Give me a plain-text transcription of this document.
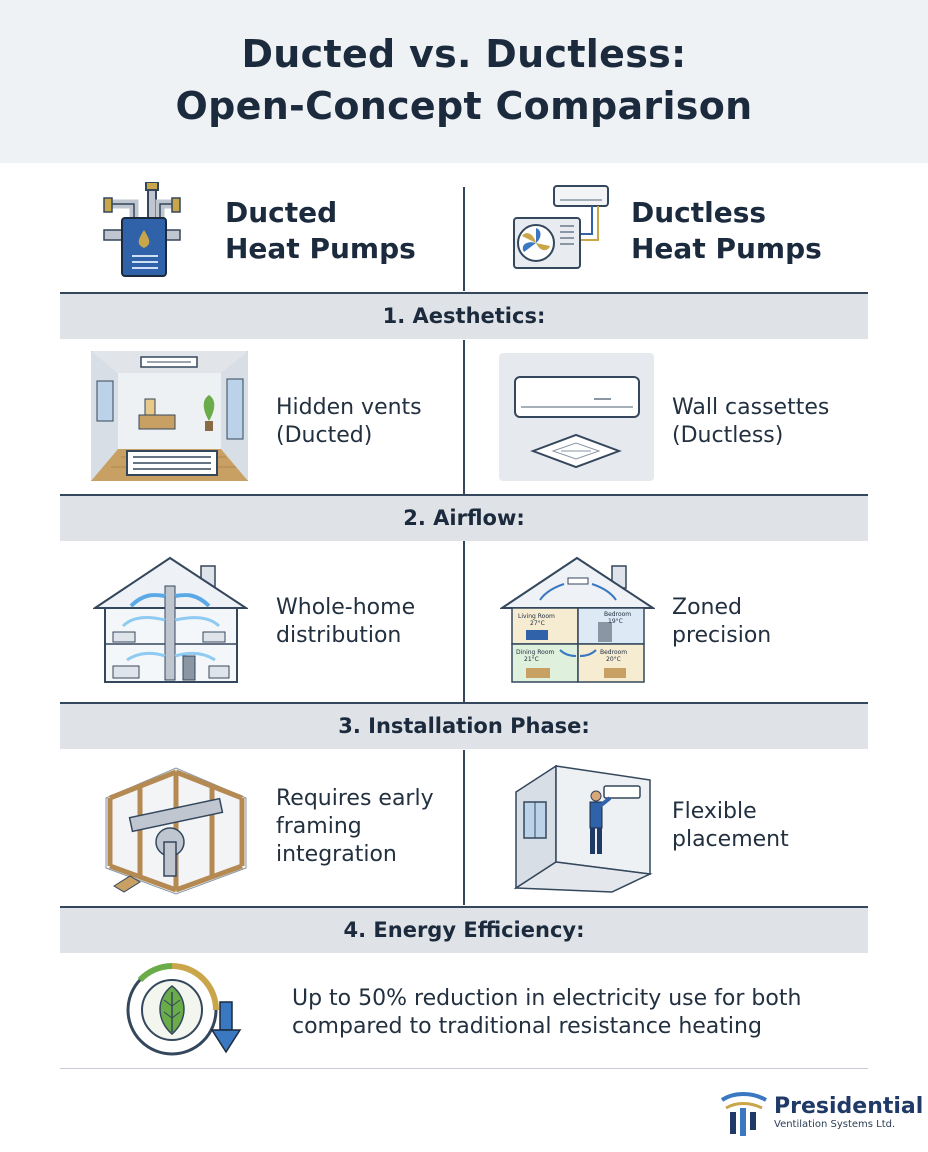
Ducted vs. Ductless:
Open-Concept Comparison
Ducted
Heat Pumps
Ductless
Heat Pumps
1. Aesthetics:
Hidden vents
(Ducted)
Wall cassettes
(Ductless)
2. Airflow:
Whole-home
distribution
Living Room
27°C
Bedroom
19°C
Dining Room
21°C
Bedroom
20°C
Zoned
precision
3. Installation Phase:
Requires early
framing
integration
Flexible
placement
4. Energy Efficiency:
Up to 50% reduction in electricity use for both
compared to traditional resistance heating
Presidential
Ventilation Systems Ltd.
